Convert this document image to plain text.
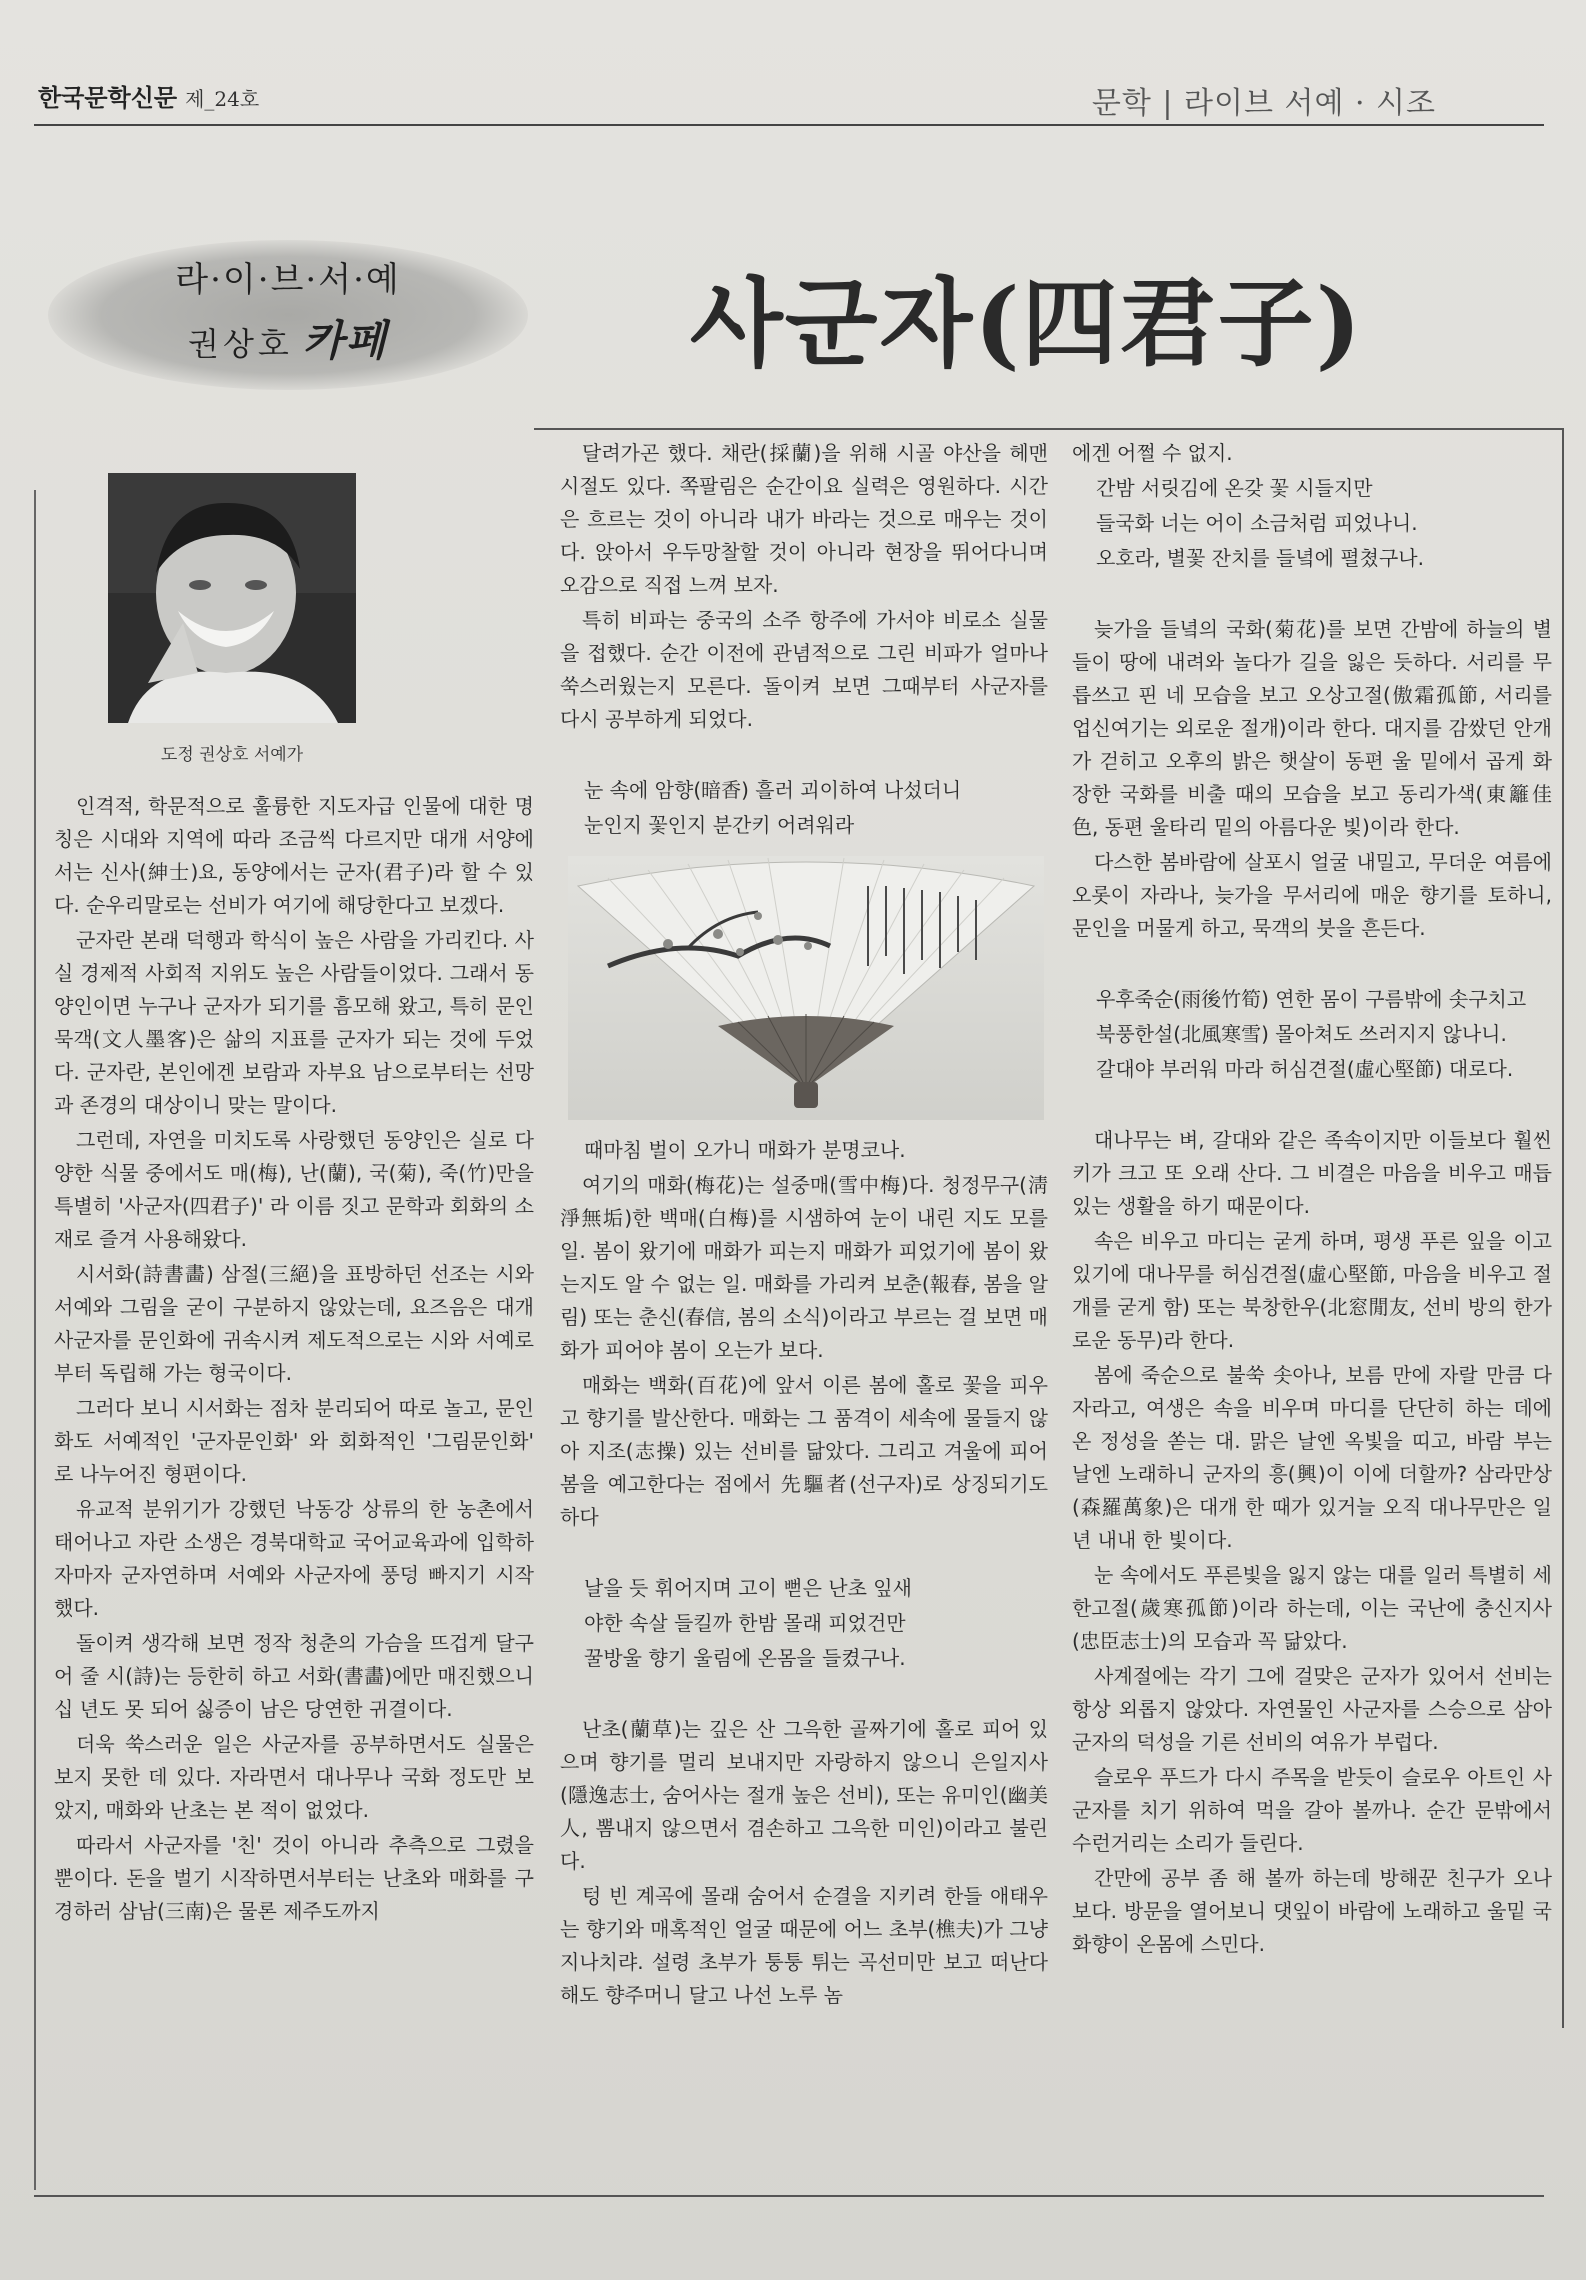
한국문학신문 제_24호	문학 | 라이브 서예 · 시조
라·이·브·서·예
권상호 카페	사군자(四君子)
도정 권상호 서예가

인격적, 학문적으로 훌륭한 지도자급 인물에 대한 명칭은 시대와 지역에 따라 조금씩 다르지만 대개 서양에서는 신사(紳士)요, 동양에서는 군자(君子)라 할 수 있다. 순우리말로는 선비가 여기에 해당한다고 보겠다.

군자란 본래 덕행과 학식이 높은 사람을 가리킨다. 사실 경제적 사회적 지위도 높은 사람들이었다. 그래서 동양인이면 누구나 군자가 되기를 흠모해 왔고, 특히 문인묵객(文人墨客)은 삶의 지표를 군자가 되는 것에 두었다. 군자란, 본인에겐 보람과 자부요 남으로부터는 선망과 존경의 대상이니 맞는 말이다.

그런데, 자연을 미치도록 사랑했던 동양인은 실로 다양한 식물 중에서도 매(梅), 난(蘭), 국(菊), 죽(竹)만을 특별히 '사군자(四君子)' 라 이름 짓고 문학과 회화의 소재로 즐겨 사용해왔다.

시서화(詩書畵) 삼절(三絕)을 표방하던 선조는 시와 서예와 그림을 굳이 구분하지 않았는데, 요즈음은 대개 사군자를 문인화에 귀속시켜 제도적으로는 시와 서예로부터 독립해 가는 형국이다.

그러다 보니 시서화는 점차 분리되어 따로 놀고, 문인화도 서예적인 '군자문인화' 와 회화적인 '그림문인화' 로 나누어진 형편이다.

유교적 분위기가 강했던 낙동강 상류의 한 농촌에서 태어나고 자란 소생은 경북대학교 국어교육과에 입학하자마자 군자연하며 서예와 사군자에 풍덩 빠지기 시작했다.

돌이켜 생각해 보면 정작 청춘의 가슴을 뜨겁게 달구어 줄 시(詩)는 등한히 하고 서화(書畵)에만 매진했으니 십 년도 못 되어 싫증이 남은 당연한 귀결이다.

더욱 쑥스러운 일은 사군자를 공부하면서도 실물은 보지 못한 데 있다. 자라면서 대나무나 국화 정도만 보았지, 매화와 난초는 본 적이 없었다.

따라서 사군자를 '친' 것이 아니라 추측으로 그렸을 뿐이다. 돈을 벌기 시작하면서부터는 난초와 매화를 구경하러 삼남(三南)은 물론 제주도까지

달려가곤 했다. 채란(採蘭)을 위해 시골 야산을 헤맨 시절도 있다. 쪽팔림은 순간이요 실력은 영원하다. 시간은 흐르는 것이 아니라 내가 바라는 것으로 매우는 것이다. 앉아서 우두망찰할 것이 아니라 현장을 뛰어다니며 오감으로 직접 느껴 보자.

특히 비파는 중국의 소주 항주에 가서야 비로소 실물을 접했다. 순간 이전에 관념적으로 그린 비파가 얼마나 쑥스러웠는지 모른다. 돌이켜 보면 그때부터 사군자를 다시 공부하게 되었다.

눈 속에 암향(暗香) 흘러 괴이하여 나섰더니

눈인지 꽃인지 분간키 어려워라

때마침 벌이 오가니 매화가 분명코나.

여기의 매화(梅花)는 설중매(雪中梅)다. 청정무구(淸淨無垢)한 백매(白梅)를 시샘하여 눈이 내린 지도 모를 일. 봄이 왔기에 매화가 피는지 매화가 피었기에 봄이 왔는지도 알 수 없는 일. 매화를 가리켜 보춘(報春, 봄을 알림) 또는 춘신(春信, 봄의 소식)이라고 부르는 걸 보면 매화가 피어야 봄이 오는가 보다.

매화는 백화(百花)에 앞서 이른 봄에 홀로 꽃을 피우고 향기를 발산한다. 매화는 그 품격이 세속에 물들지 않아 지조(志操) 있는 선비를 닮았다. 그리고 겨울에 피어 봄을 예고한다는 점에서 先驅者(선구자)로 상징되기도 하다

날을 듯 휘어지며 고이 뻗은 난초 잎새

야한 속살 들킬까 한밤 몰래 피었건만

꿀방울 향기 울림에 온몸을 들켰구나.

난초(蘭草)는 깊은 산 그윽한 골짜기에 홀로 피어 있으며 향기를 멀리 보내지만 자랑하지 않으니 은일지사(隱逸志士, 숨어사는 절개 높은 선비), 또는 유미인(幽美人, 뽐내지 않으면서 겸손하고 그윽한 미인)이라고 불린다.

텅 빈 계곡에 몰래 숨어서 순결을 지키려 한들 애태우는 향기와 매혹적인 얼굴 때문에 어느 초부(樵夫)가 그냥 지나치랴. 설령 초부가 퉁퉁 튀는 곡선미만 보고 떠난다 해도 향주머니 달고 나선 노루 놈

에겐 어쩔 수 없지.

간밤 서릿김에 온갖 꽃 시들지만

들국화 너는 어이 소금처럼 피었나니.

오호라, 별꽃 잔치를 들녘에 펼쳤구나.

늦가을 들녘의 국화(菊花)를 보면 간밤에 하늘의 별들이 땅에 내려와 놀다가 길을 잃은 듯하다. 서리를 무릅쓰고 핀 네 모습을 보고 오상고절(傲霜孤節, 서리를 업신여기는 외로운 절개)이라 한다. 대지를 감쌌던 안개가 걷히고 오후의 밝은 햇살이 동편 울 밑에서 곱게 화장한 국화를 비출 때의 모습을 보고 동리가색(東籬佳色, 동편 울타리 밑의 아름다운 빛)이라 한다.

다스한 봄바람에 살포시 얼굴 내밀고, 무더운 여름에 오롯이 자라나, 늦가을 무서리에 매운 향기를 토하니, 문인을 머물게 하고, 묵객의 붓을 흔든다.

우후죽순(雨後竹筍) 연한 몸이 구름밖에 솟구치고

북풍한설(北風寒雪) 몰아쳐도 쓰러지지 않나니.

갈대야 부러워 마라 허심견절(虛心堅節) 대로다.

대나무는 벼, 갈대와 같은 족속이지만 이들보다 훨씬 키가 크고 또 오래 산다. 그 비결은 마음을 비우고 매듭 있는 생활을 하기 때문이다.

속은 비우고 마디는 굳게 하며, 평생 푸른 잎을 이고 있기에 대나무를 허심견절(虛心堅節, 마음을 비우고 절개를 굳게 함) 또는 북창한우(北窓閒友, 선비 방의 한가로운 동무)라 한다.

봄에 죽순으로 불쑥 솟아나, 보름 만에 자랄 만큼 다 자라고, 여생은 속을 비우며 마디를 단단히 하는 데에 온 정성을 쏟는 대. 맑은 날엔 옥빛을 띠고, 바람 부는 날엔 노래하니 군자의 흥(興)이 이에 더할까? 삼라만상(森羅萬象)은 대개 한 때가 있거늘 오직 대나무만은 일 년 내내 한 빛이다.

눈 속에서도 푸른빛을 잃지 않는 대를 일러 특별히 세한고절(歲寒孤節)이라 하는데, 이는 국난에 충신지사(忠臣志士)의 모습과 꼭 닮았다.

사계절에는 각기 그에 걸맞은 군자가 있어서 선비는 항상 외롭지 않았다. 자연물인 사군자를 스승으로 삼아 군자의 덕성을 기른 선비의 여유가 부럽다.

슬로우 푸드가 다시 주목을 받듯이 슬로우 아트인 사군자를 치기 위하여 먹을 갈아 볼까나. 순간 문밖에서 수런거리는 소리가 들린다.

간만에 공부 좀 해 볼까 하는데 방해꾼 친구가 오나 보다. 방문을 열어보니 댓잎이 바람에 노래하고 울밑 국화향이 온몸에 스민다.
